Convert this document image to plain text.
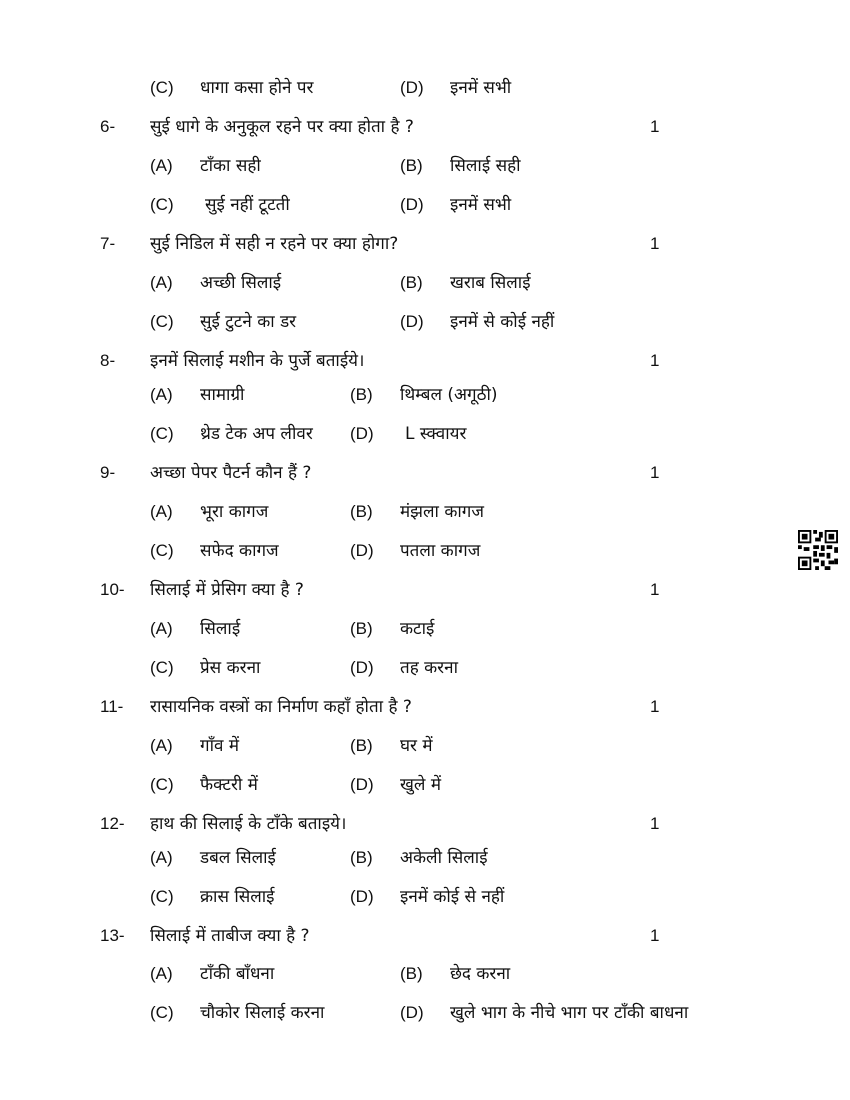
(C) धागा कसा होने पर	(D) इनमें सभी
6- सुई धागे के अनुकूल रहने पर क्या होता है ?	1
(A) टाँका सही	(B) सिलाई सही
(C) सुई नहीं टूटती	(D) इनमें सभी
7- सुई निडिल में सही न रहने पर क्या होगा?	1
(A) अच्छी सिलाई	(B) खराब सिलाई
(C) सुई टुटने का डर	(D) इनमें से कोई नहीं
8- इनमें सिलाई मशीन के पुर्जे बताईये।	1
(A) सामाग्री	(B) थिम्बल (अगूठी)
(C) थ्रेड टेक अप लीवर (D) L स्क्वायर
9- अच्छा पेपर पैटर्न कौन हैं ?	1
(A) भूरा कागज	(B) मंझला कागज
(C) सफेद कागज	(D) पतला कागज
10- सिलाई में प्रेसिग क्या है ?	1
(A) सिलाई	(B) कटाई
(C) प्रेस करना	(D) तह करना
11- रासायनिक वस्त्रों का निर्माण कहाँ होता है ?	1
(A) गाँव में	(B) घर में
(C) फैक्टरी में	(D) खुले में
12- हाथ की सिलाई के टाँके बताइये।	1
(A) डबल सिलाई	(B) अकेली सिलाई
(C) क्रास सिलाई	(D) इनमें कोई से नहीं
13- सिलाई में ताबीज क्या है ?	1
(A) टाँकी बाँधना	(B) छेद करना
(C) चौकोर सिलाई करना	(D) खुले भाग के नीचे भाग पर टाँकी बाधना
